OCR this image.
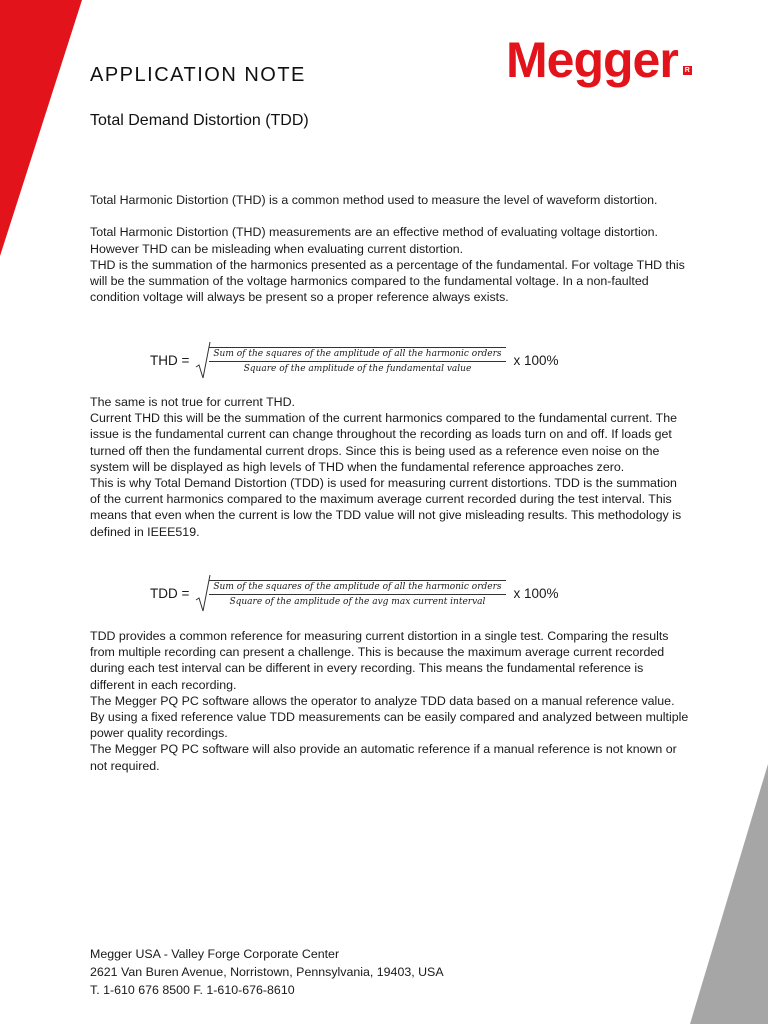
Megger R
APPLICATION NOTE
Total Demand Distortion (TDD)

Total Harmonic Distortion (THD) is a common method used to measure the level of waveform distortion.

Total Harmonic Distortion (THD) measurements are an effective method of evaluating voltage distortion. However THD can be misleading when evaluating current distortion.

THD is the summation of the harmonics presented as a percentage of the fundamental. For voltage THD this will be the summation of the voltage harmonics compared to the fundamental voltage. In a non-faulted condition voltage will always be present so a proper reference always exists.

THD =	Sum of the squares of the amplitude of all the harmonic orders
Square of the amplitude of the fundamental value
x 100%

The same is not true for current THD.

Current THD this will be the summation of the current harmonics compared to the fundamental current. The issue is the fundamental current can change throughout the recording as loads turn on and off. If loads get turned off then the fundamental current drops. Since this is being used as a reference even noise on the system will be displayed as high levels of THD when the fundamental reference approaches zero.

This is why Total Demand Distortion (TDD) is used for measuring current distortions. TDD is the summation of the current harmonics compared to the maximum average current recorded during the test interval. This means that even when the current is low the TDD value will not give misleading results. This methodology is defined in IEEE519.

TDD =	Sum of the squares of the amplitude of all the harmonic orders
Square of the amplitude of the avg max current interval
x 100%

TDD provides a common reference for measuring current distortion in a single test. Comparing the results from multiple recording can present a challenge. This is because the maximum average current recorded during each test interval can be different in every recording. This means the fundamental reference is different in each recording.

The Megger PQ PC software allows the operator to analyze TDD data based on a manual reference value. By using a fixed reference value TDD measurements can be easily compared and analyzed between multiple power quality recordings.

The Megger PQ PC software will also provide an automatic reference if a manual reference is not known or not required.

Megger USA - Valley Forge Corporate Center
2621 Van Buren Avenue, Norristown, Pennsylvania, 19403, USA
T. 1-610 676 8500 F. 1-610-676-8610
